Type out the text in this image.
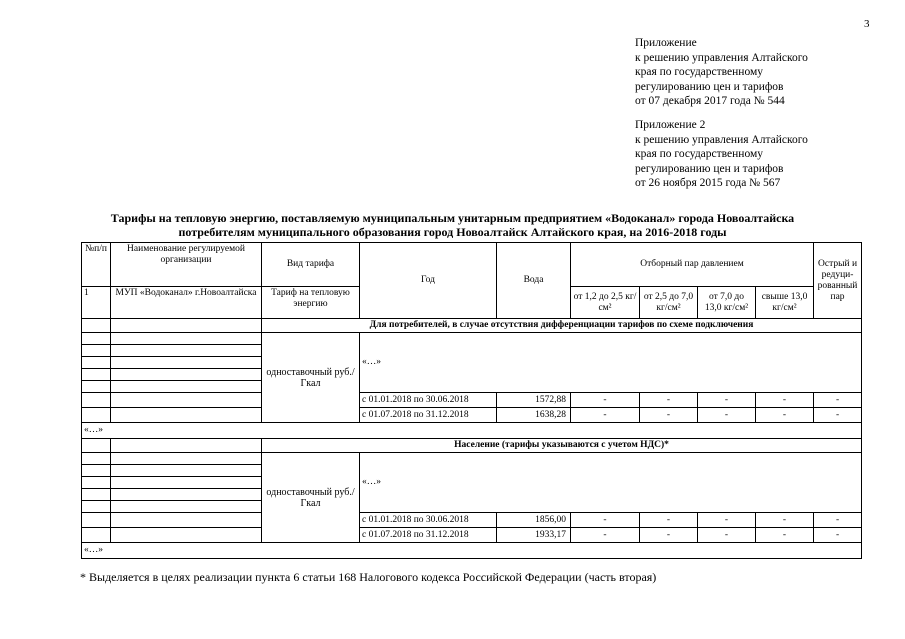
3
Приложение
к решению управления Алтайского
края по государственному
регулированию цен и тарифов
от 07 декабря 2017 года № 544
Приложение 2
к решению управления Алтайского
края по государственному
регулированию цен и тарифов
от 26 ноября 2015 года № 567
Тарифы на тепловую энергию, поставляемую муниципальным унитарным предприятием «Водоканал» города Новоалтайска
потребителям муниципального образования город Новоалтайск Алтайского края, на 2016-2018 годы
№п/п	Наименование регулируемой организации	Вид тарифа	Год	Вода	Отборный пар давлением				Острый и редуци-рованный пар
1	МУП «Водоканал» г.Новоалтайска	Тариф на тепловую энергию			от 1,2 до 2,5 кг/см²	от 2,5 до 7,0 кг/см²	от 7,0 до 13,0 кг/см²	свыше 13,0 кг/см²	
		Для потребителей, в случае отсутствия дифференциации тарифов по схеме подключения							
		одноставочный руб./Гкал	«…»						

			с 01.01.2018 по 30.06.2018	1572,88	-	-	-	-	-
			с 01.07.2018 по 31.12.2018	1638,28	-	-	-	-	-
«…»									
		Население (тарифы указываются с учетом НДС)*							
		одноставочный руб./Гкал	«…»						

			с 01.01.2018 по 30.06.2018	1856,00	-	-	-	-	-
			с 01.07.2018 по 31.12.2018	1933,17	-	-	-	-	-
«…»									
* Выделяется в целях реализации пункта 6 статьи 168 Налогового кодекса Российской Федерации (часть вторая)
